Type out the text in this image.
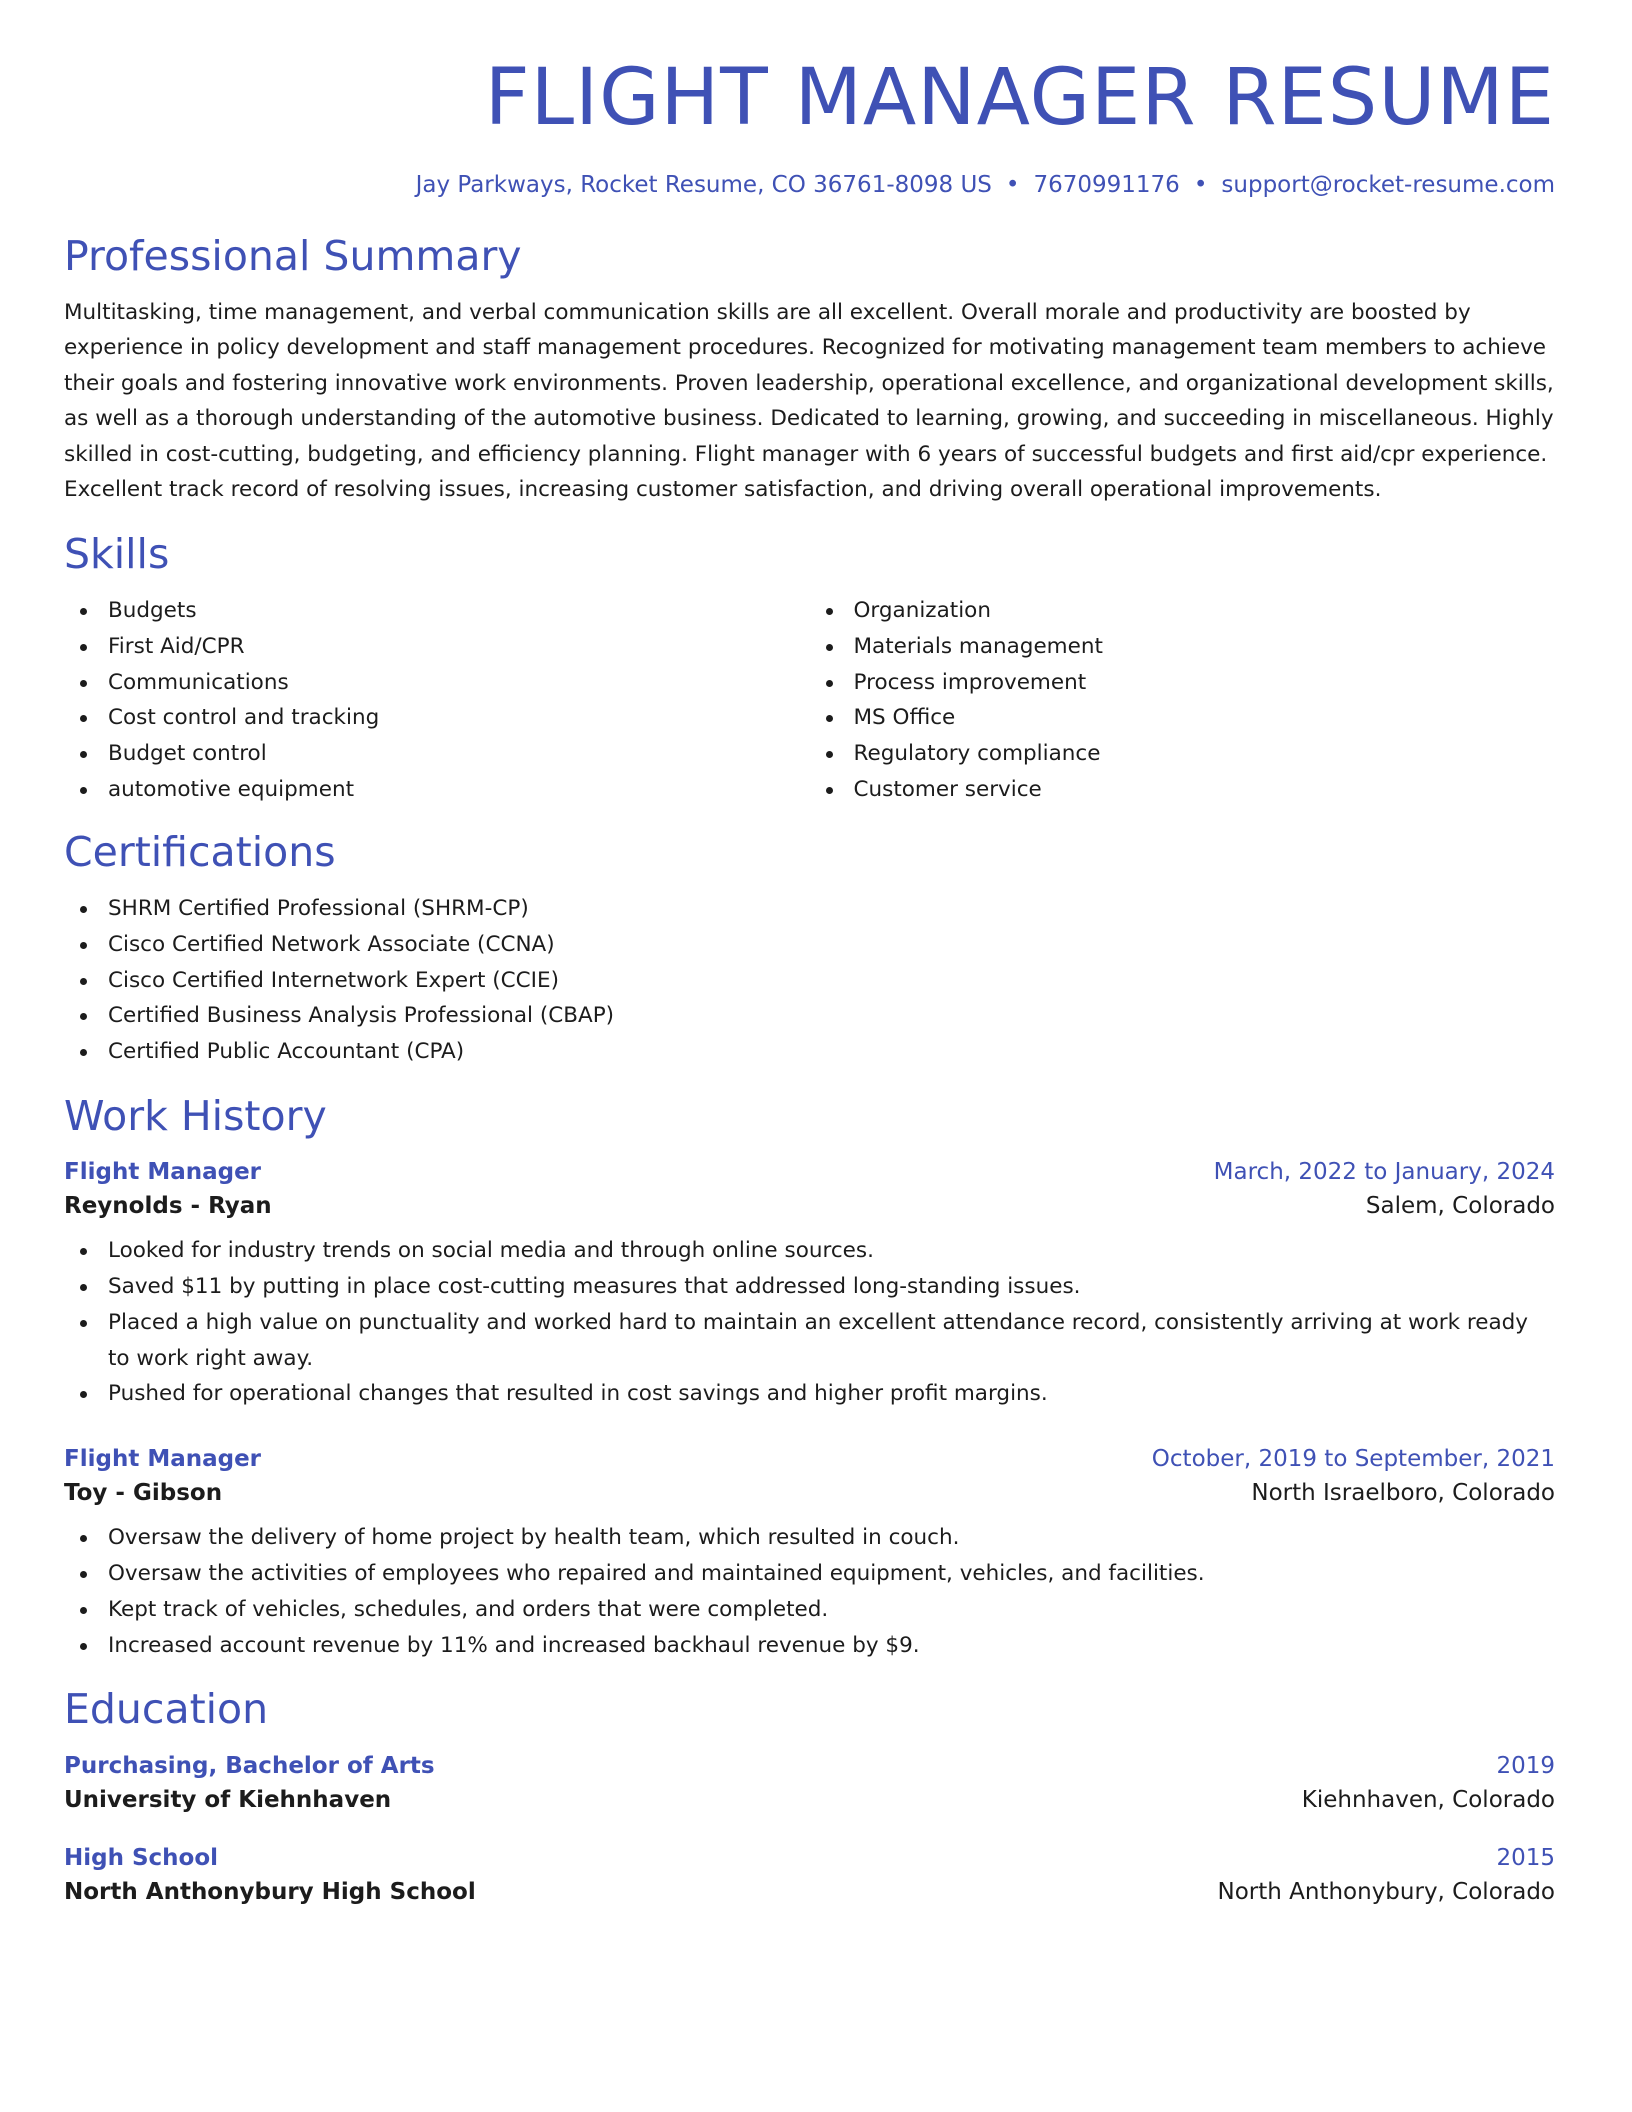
FLIGHT MANAGER RESUME
Jay Parkways, Rocket Resume, CO 36761-8098 US • 7670991176 • support@rocket-resume.com
Professional Summary

Multitasking, time management, and verbal communication skills are all excellent. Overall morale and productivity are boosted by experience in policy development and staff management procedures. Recognized for motivating management team members to achieve their goals and fostering innovative work environments. Proven leadership, operational excellence, and organizational development skills, as well as a thorough understanding of the automotive business. Dedicated to learning, growing, and succeeding in miscellaneous. Highly skilled in cost-cutting, budgeting, and efficiency planning. Flight manager with 6 years of successful budgets and first aid/cpr experience. Excellent track record of resolving issues, increasing customer satisfaction, and driving overall operational improvements.

Skills
Budgets
First Aid/CPR
Communications
Cost control and tracking
Budget control
automotive equipment
Organization
Materials management
Process improvement
MS Office
Regulatory compliance
Customer service
Certifications
SHRM Certified Professional (SHRM-CP)
Cisco Certified Network Associate (CCNA)
Cisco Certified Internetwork Expert (CCIE)
Certified Business Analysis Professional (CBAP)
Certified Public Accountant (CPA)
Work History
Flight Manager	March, 2022 to January, 2024
Reynolds - Ryan	Salem, Colorado
Looked for industry trends on social media and through online sources.
Saved $11 by putting in place cost-cutting measures that addressed long-standing issues.
Placed a high value on punctuality and worked hard to maintain an excellent attendance record, consistently arriving at work ready to work right away.
Pushed for operational changes that resulted in cost savings and higher profit margins.
Flight Manager	October, 2019 to September, 2021
Toy - Gibson	North Israelboro, Colorado
Oversaw the delivery of home project by health team, which resulted in couch.
Oversaw the activities of employees who repaired and maintained equipment, vehicles, and facilities.
Kept track of vehicles, schedules, and orders that were completed.
Increased account revenue by 11% and increased backhaul revenue by $9.
Education
Purchasing, Bachelor of Arts	2019
University of Kiehnhaven	Kiehnhaven, Colorado
High School	2015
North Anthonybury High School	North Anthonybury, Colorado
